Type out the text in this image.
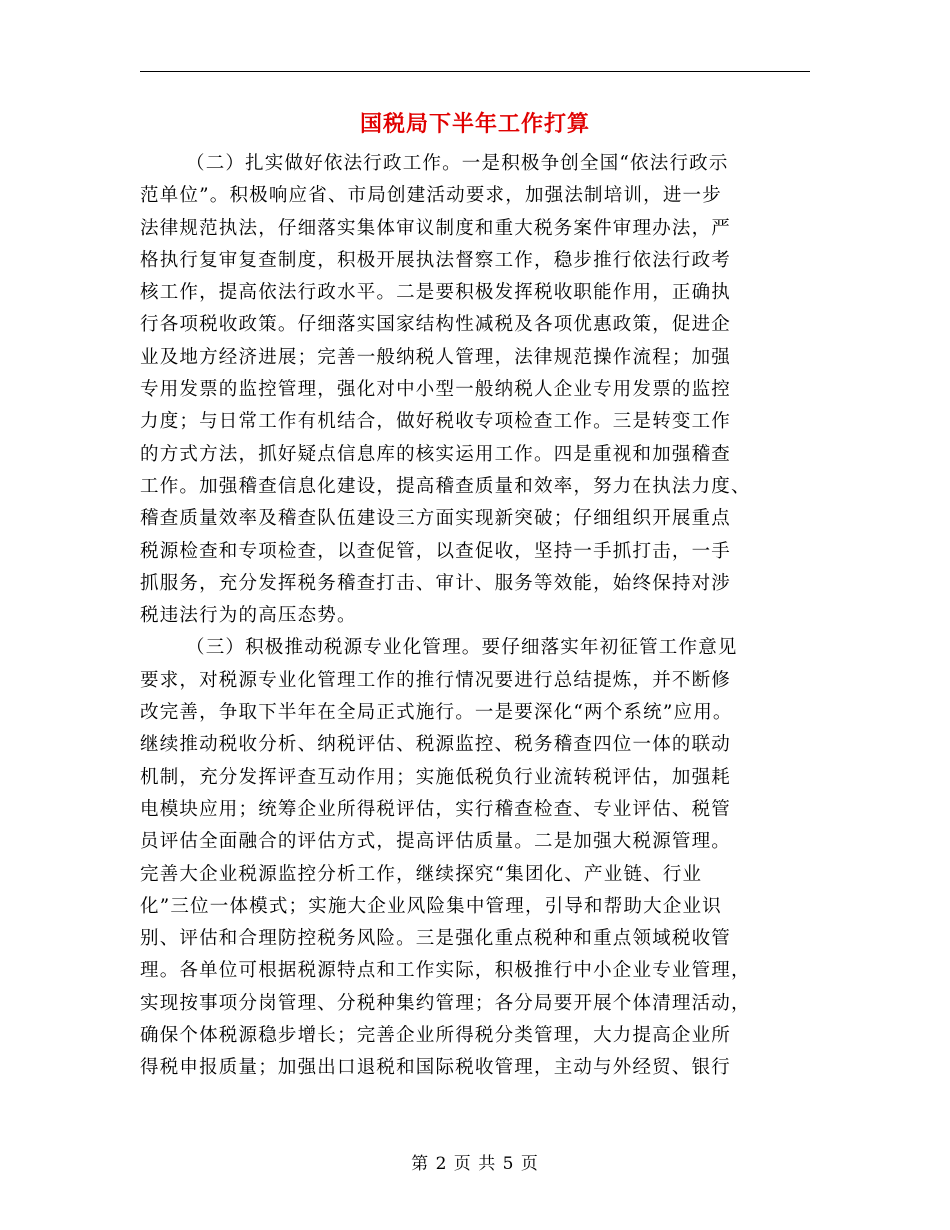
国税局下半年工作打算
（二）扎实做好依法行政工作。一是积极争创全国“依法行政示
范单位”。积极响应省、市局创建活动要求，加强法制培训，进一步
法律规范执法，仔细落实集体审议制度和重大税务案件审理办法，严
格执行复审复查制度，积极开展执法督察工作，稳步推行依法行政考
核工作，提高依法行政水平。二是要积极发挥税收职能作用，正确执
行各项税收政策。仔细落实国家结构性减税及各项优惠政策，促进企
业及地方经济进展；完善一般纳税人管理，法律规范操作流程；加强
专用发票的监控管理，强化对中小型一般纳税人企业专用发票的监控
力度；与日常工作有机结合，做好税收专项检查工作。三是转变工作
的方式方法，抓好疑点信息库的核实运用工作。四是重视和加强稽查
工作。加强稽查信息化建设，提高稽查质量和效率，努力在执法力度、
稽查质量效率及稽查队伍建设三方面实现新突破；仔细组织开展重点
税源检查和专项检查，以查促管，以查促收，坚持一手抓打击，一手
抓服务，充分发挥税务稽查打击、审计、服务等效能，始终保持对涉
税违法行为的高压态势。
（三）积极推动税源专业化管理。要仔细落实年初征管工作意见
要求，对税源专业化管理工作的推行情况要进行总结提炼，并不断修
改完善，争取下半年在全局正式施行。一是要深化“两个系统”应用。
继续推动税收分析、纳税评估、税源监控、税务稽查四位一体的联动
机制，充分发挥评查互动作用；实施低税负行业流转税评估，加强耗
电模块应用；统筹企业所得税评估，实行稽查检查、专业评估、税管
员评估全面融合的评估方式，提高评估质量。二是加强大税源管理。
完善大企业税源监控分析工作，继续探究“集团化、产业链、行业
化”三位一体模式；实施大企业风险集中管理，引导和帮助大企业识
别、评估和合理防控税务风险。三是强化重点税种和重点领域税收管
理。各单位可根据税源特点和工作实际，积极推行中小企业专业管理，
实现按事项分岗管理、分税种集约管理；各分局要开展个体清理活动，
确保个体税源稳步增长；完善企业所得税分类管理，大力提高企业所
得税申报质量；加强出口退税和国际税收管理，主动与外经贸、银行
第 2 页 共 5 页
